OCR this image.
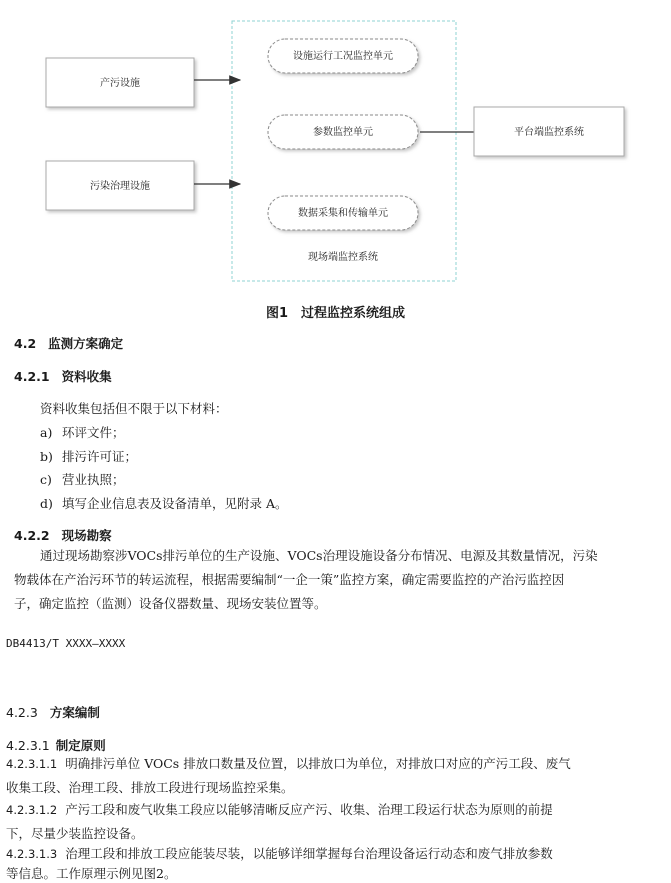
产污设施
污染治理设施
设施运行工况监控单元
参数监控单元
数据采集和传输单元
现场端监控系统
平台端监控系统
图1　过程监控系统组成
4.2 监测方案确定
4.2.1 资料收集
资料收集包括但不限于以下材料：
a) 环评文件；
b) 排污许可证；
c) 营业执照；
d) 填写企业信息表及设备清单，见附录 A。
4.2.2 现场勘察
通过现场勘察涉VOCs排污单位的生产设施、VOCs治理设施设备分布情况、电源及其数量情况，污染
物载体在产治污环节的转运流程，根据需要编制“一企一策”监控方案，确定需要监控的产治污监控因
子，确定监控（监测）设备仪器数量、现场安装位置等。
DB4413/T XXXX—XXXX
4.2.3 方案编制
4.2.3.1 制定原则
4.2.3.1.1 明确排污单位 VOCs 排放口数量及位置，以排放口为单位，对排放口对应的产污工段、废气
收集工段、治理工段、排放工段进行现场监控采集。
4.2.3.1.2 产污工段和废气收集工段应以能够清晰反应产污、收集、治理工段运行状态为原则的前提
下，尽量少装监控设备。
4.2.3.1.3 治理工段和排放工段应能装尽装，以能够详细掌握每台治理设备运行动态和废气排放参数
等信息。工作原理示例见图2。
